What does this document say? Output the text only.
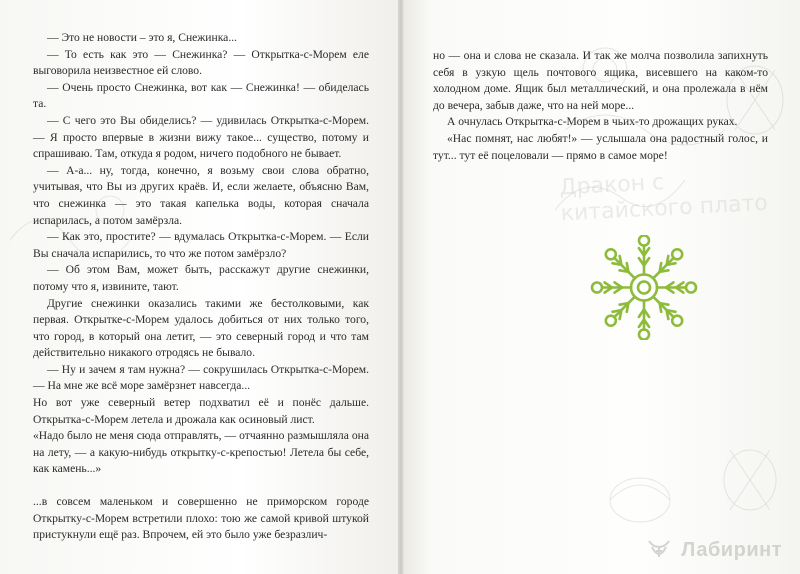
Дракон с китайского плато

— Это не новости – это я, Снежинка...

— То есть как это — Снежинка? — Открытка-с-Морем еле выговорила неизвестное ей слово.

— Очень просто Снежинка, вот как — Снежинка! — обиделась та.

— С чего это Вы обиделись? — удивилась Открытка-с-Морем. — Я просто впервые в жизни вижу такое... существо, потому и спрашиваю. Там, откуда я родом, ничего подобного не бывает.

— А-а... ну, тогда, конечно, я возьму свои слова обратно, учитывая, что Вы из других краёв. И, если желаете, объясню Вам, что снежинка — это такая капелька воды, которая сначала испарилась, а потом замёрзла.

— Как это, простите? — вдумалась Открытка-с-Морем. — Если Вы сначала испарились, то что же потом замёрзло?

— Об этом Вам, может быть, расскажут другие снежинки, потому что я, извините, тают.

Другие снежинки оказались такими же бестолковыми, как первая. Открытке-с-Морем удалось добиться от них только того, что город, в который она летит, — это северный город и что там действительно никакого отродясь не бывало.

— Ну и зачем я там нужна? — сокрушилась Открытка-с-Морем. — На мне же всё море замёрзнет навсегда...

Но вот уже северный ветер подхватил её и понёс дальше. Открытка-с-Морем летела и дрожала как осиновый лист.

«Надо было не меня сюда отправлять, — отчаянно размышляла она на лету, — а какую-нибудь открытку-с-крепостью! Летела бы себе, как камень...»

...в совсем маленьком и совершенно не приморском городе Открытку-с-Морем встретили плохо: тою же самой кривой штукой пристукнули ещё раз. Впрочем, ей это было уже безразлич-

но — она и слова не сказала. И так же молча позволила запихнуть себя в узкую щель почтового ящика, висевшего на каком-то холодном доме. Ящик был металлический, и она пролежала в нём до вечера, забыв даже, что на ней море...

А очнулась Открытка-с-Морем в чьих-то дрожащих руках.

«Нас помнят, нас любят!» — услышала она радостный голос, и тут... тут её поцеловали — прямо в самое море!

Лабиринт
